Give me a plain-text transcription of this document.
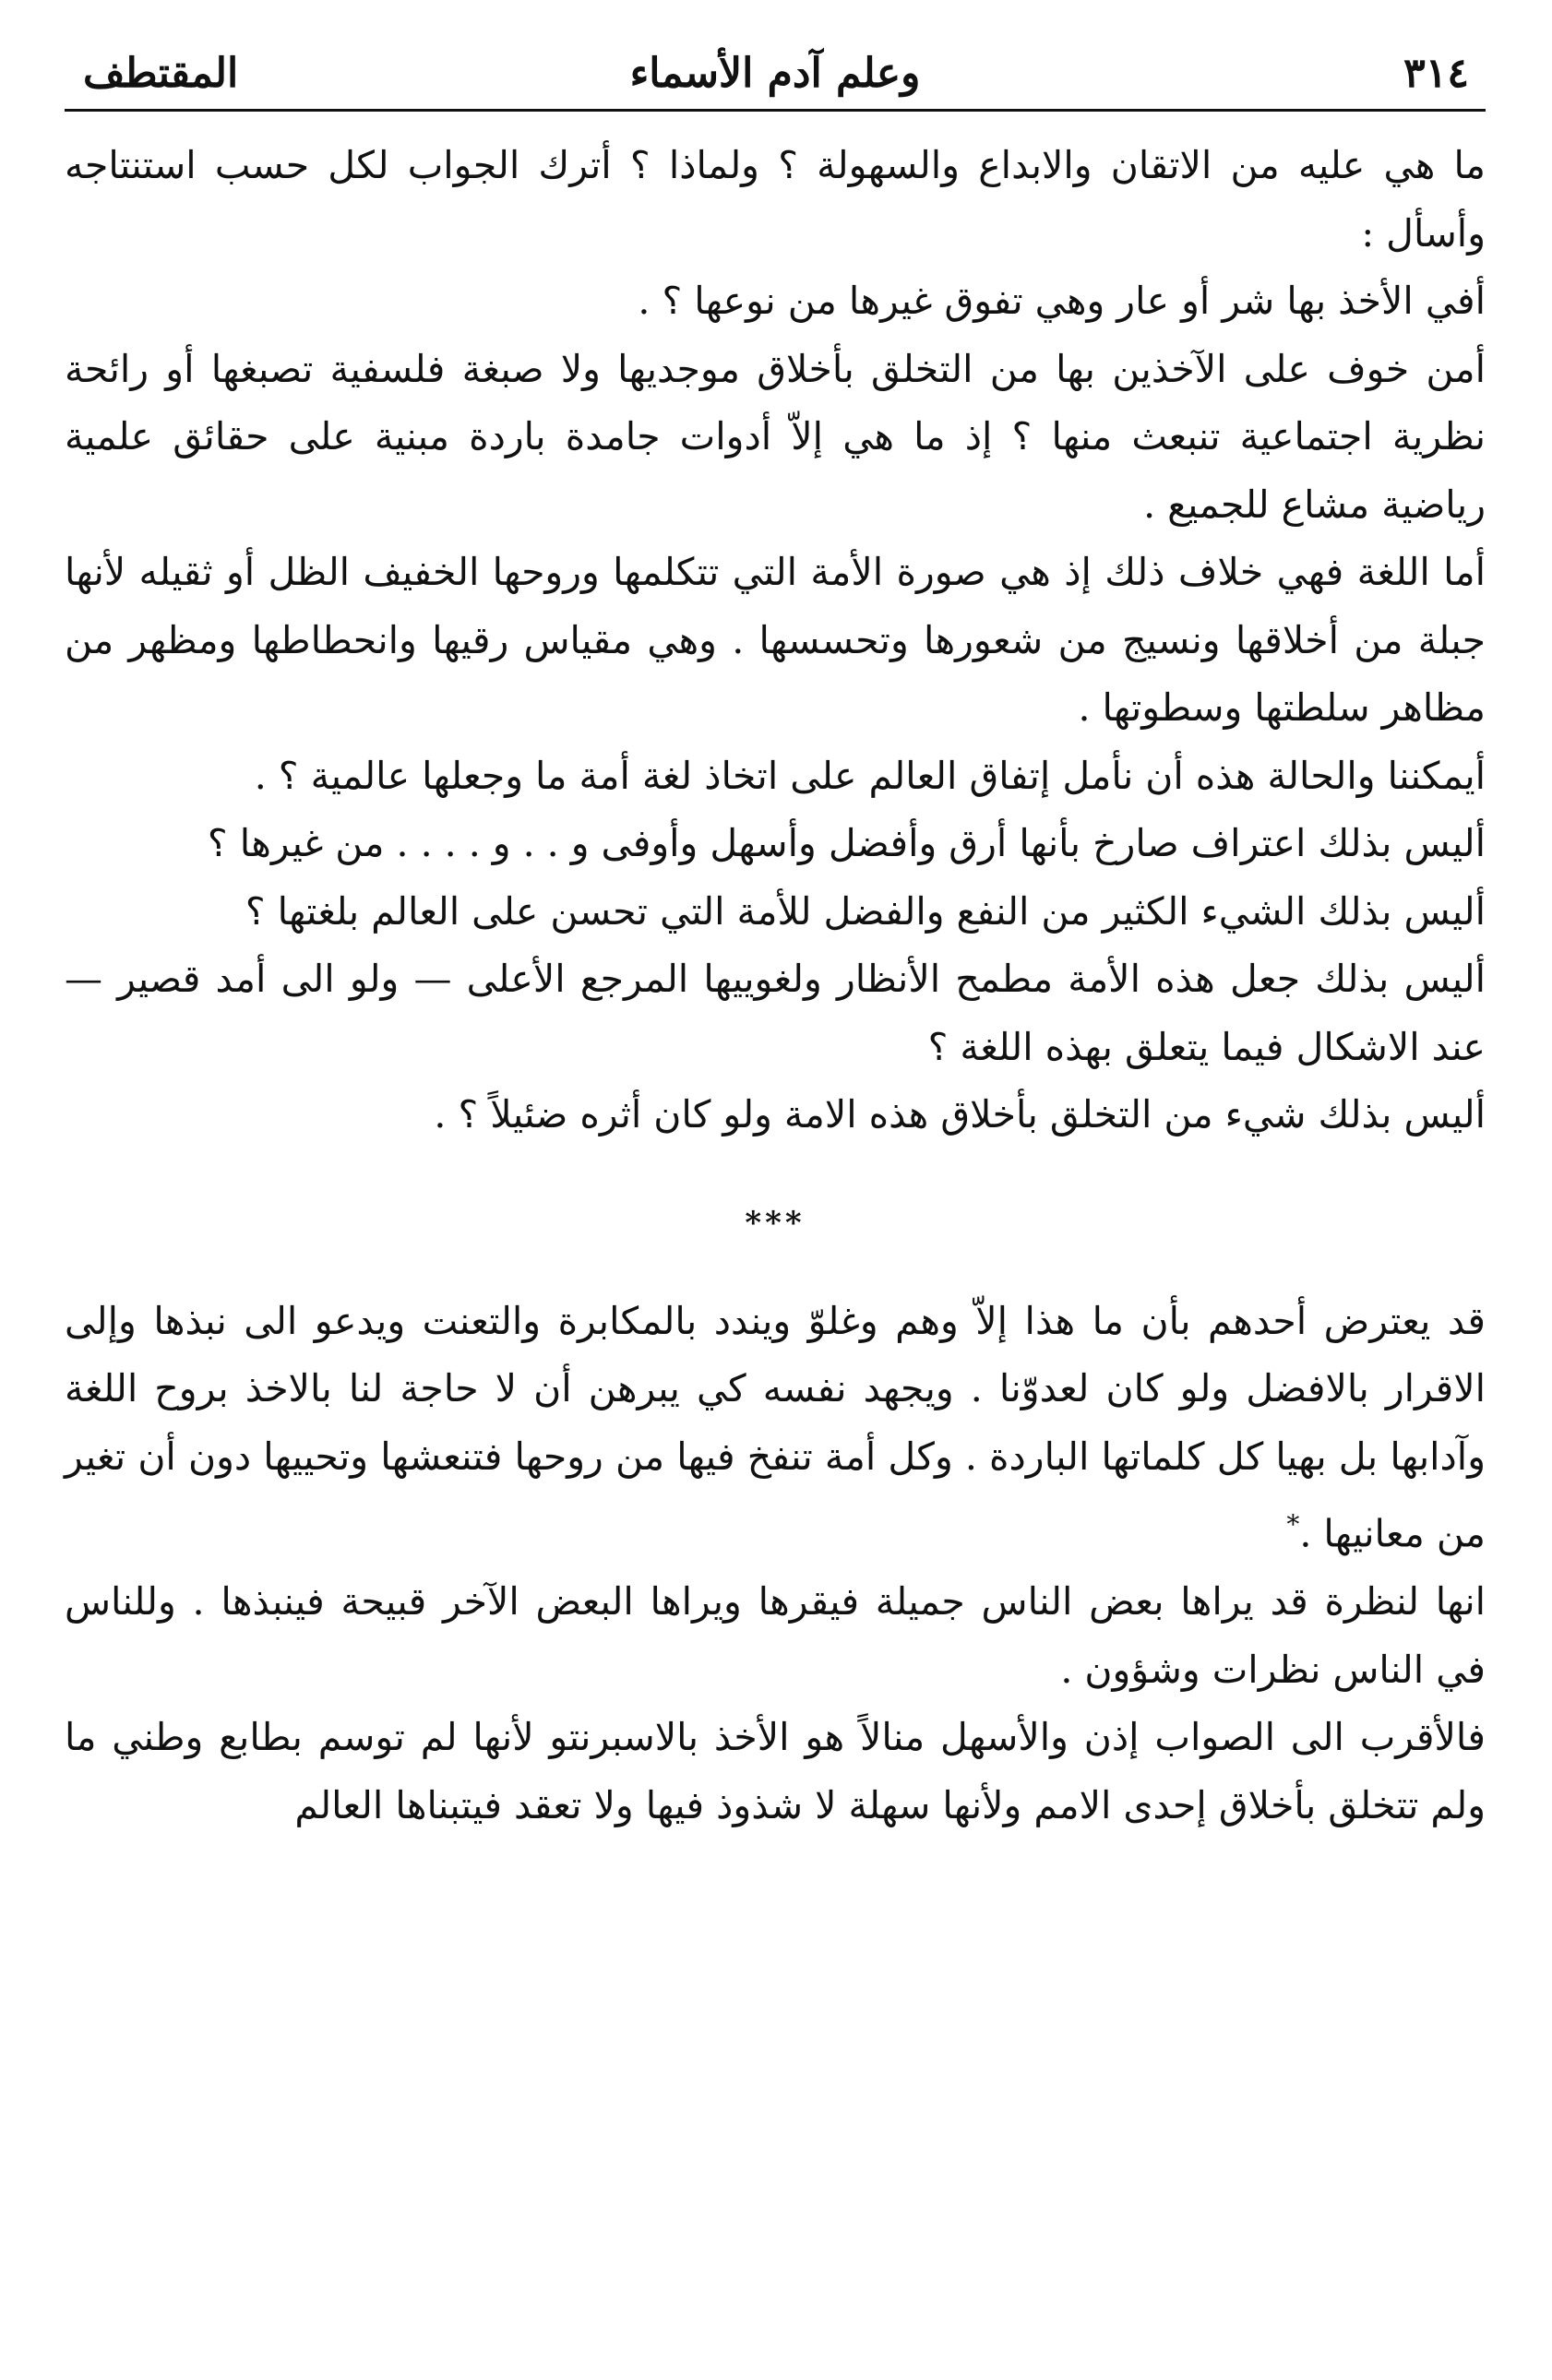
٣١٤
وعلم آدم الأسماء
المقتطف

ما هي عليه من الاتقان والابداع والسهولة ؟ ولماذا ؟ أترك الجواب لكل حسب استنتاجه وأسأل :

أفي الأخذ بها شر أو عار وهي تفوق غيرها من نوعها ؟ .

أمن خوف على الآخذين بها من التخلق بأخلاق موجديها ولا صبغة فلسفية تصبغها أو رائحة نظرية اجتماعية تنبعث منها ؟ إذ ما هي إلاّ أدوات جامدة باردة مبنية على حقائق علمية رياضية مشاع للجميع .

أما اللغة فهي خلاف ذلك إذ هي صورة الأمة التي تتكلمها وروحها الخفيف الظل أو ثقيله لأنها جبلة من أخلاقها ونسيج من شعورها وتحسسها . وهي مقياس رقيها وانحطاطها ومظهر من مظاهر سلطتها وسطوتها .

أيمكننا والحالة هذه أن نأمل إتفاق العالم على اتخاذ لغة أمة ما وجعلها عالمية ؟ .

أليس بذلك اعتراف صارخ بأنها أرق وأفضل وأسهل وأوفى و . . و . . . . من غيرها ؟

أليس بذلك الشيء الكثير من النفع والفضل للأمة التي تحسن على العالم بلغتها ؟

أليس بذلك جعل هذه الأمة مطمح الأنظار ولغوييها المرجع الأعلى — ولو الى أمد قصير — عند الاشكال فيما يتعلق بهذه اللغة ؟

أليس بذلك شيء من التخلق بأخلاق هذه الامة ولو كان أثره ضئيلاً ؟ .

***

قد يعترض أحدهم بأن ما هذا إلاّ وهم وغلوّ ويندد بالمكابرة والتعنت ويدعو الى نبذها وإلى الاقرار بالافضل ولو كان لعدوّنا . ويجهد نفسه كي يبرهن أن لا حاجة لنا بالاخذ بروح اللغة وآدابها بل بهيا كل كلماتها الباردة . وكل أمة تنفخ فيها من روحها فتنعشها وتحييها دون أن تغير من معانيها .*

انها لنظرة قد يراها بعض الناس جميلة فيقرها ويراها البعض الآخر قبيحة فينبذها . وللناس في الناس نظرات وشؤون .

فالأقرب الى الصواب إذن والأسهل منالاً هو الأخذ بالاسبرنتو لأنها لم توسم بطابع وطني ما ولم تتخلق بأخلاق إحدى الامم ولأنها سهلة لا شذوذ فيها ولا تعقد فيتبناها العالم
